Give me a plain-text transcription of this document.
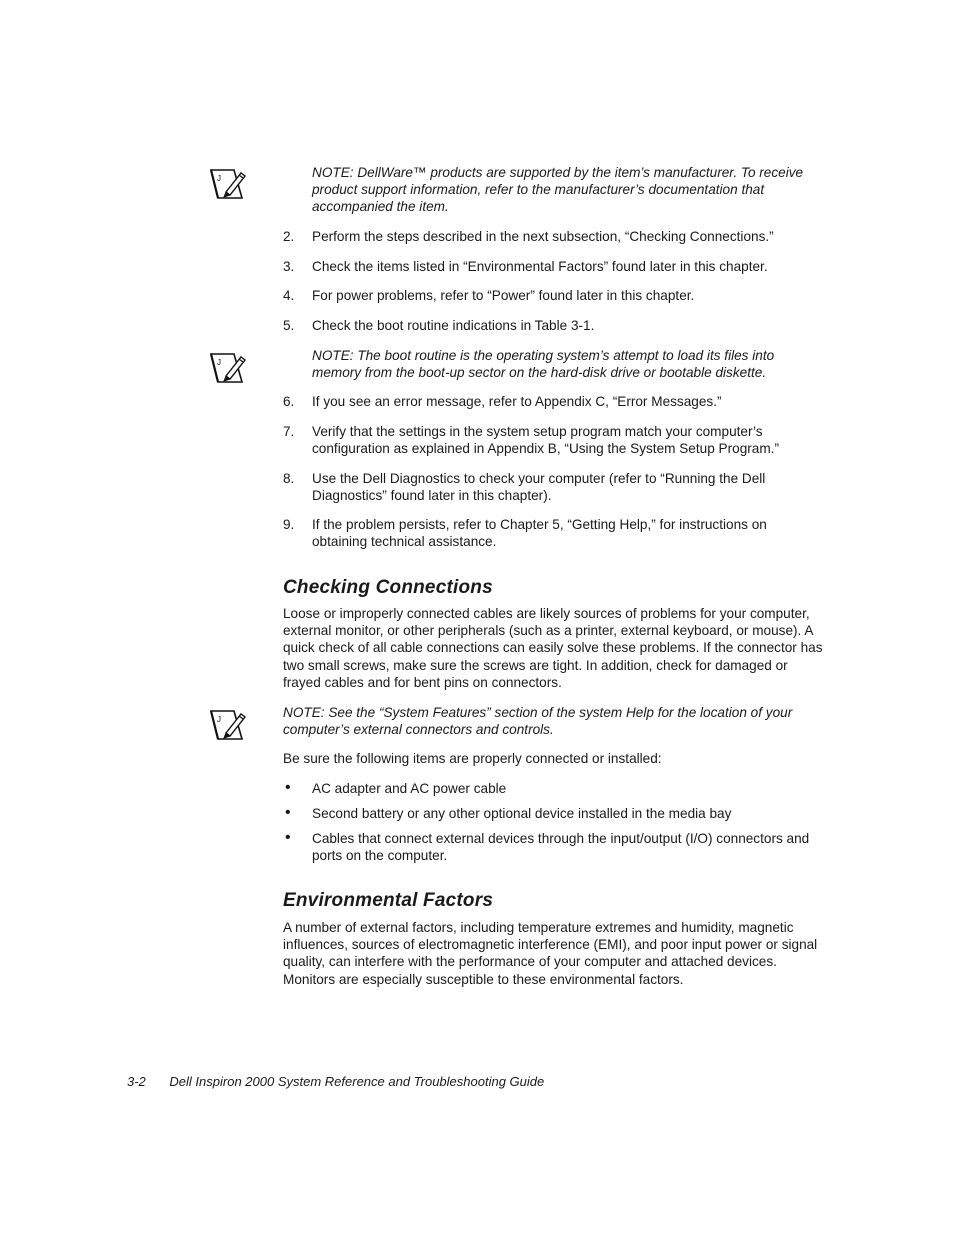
J	NOTE: DellWare™ products are supported by the item’s manufacturer. To receive product support information, refer to the manufacturer’s documentation that accompanied the item.
2. Perform the steps described in the next subsection, “Checking Connections.”
3. Check the items listed in “Environmental Factors” found later in this chapter.
4. For power problems, refer to “Power” found later in this chapter.
5. Check the boot routine indications in Table 3-1.
J	NOTE: The boot routine is the operating system’s attempt to load its files into memory from the boot-up sector on the hard-disk drive or bootable diskette.
6. If you see an error message, refer to Appendix C, “Error Messages.”
7. Verify that the settings in the system setup program match your computer’s configuration as explained in Appendix B, “Using the System Setup Program.”
8. Use the Dell Diagnostics to check your computer (refer to “Running the Dell Diagnostics” found later in this chapter).
9. If the problem persists, refer to Chapter 5, “Getting Help,” for instructions on obtaining technical assistance.
Checking Connections
Loose or improperly connected cables are likely sources of problems for your computer, external monitor, or other peripherals (such as a printer, external keyboard, or mouse). A quick check of all cable connections can easily solve these problems. If the connector has two small screws, make sure the screws are tight. In addition, check for damaged or frayed cables and for bent pins on connectors.
J	NOTE: See the “System Features” section of the system Help for the location of your computer’s external connectors and controls.
Be sure the following items are properly connected or installed:
• AC adapter and AC power cable
• Second battery or any other optional device installed in the media bay
• Cables that connect external devices through the input/output (I/O) connectors and ports on the computer.
Environmental Factors
A number of external factors, including temperature extremes and humidity, magnetic influences, sources of electromagnetic interference (EMI), and poor input power or signal quality, can interfere with the performance of your computer and attached devices. Monitors are especially susceptible to these environmental factors.
3-2 Dell Inspiron 2000 System Reference and Troubleshooting Guide
